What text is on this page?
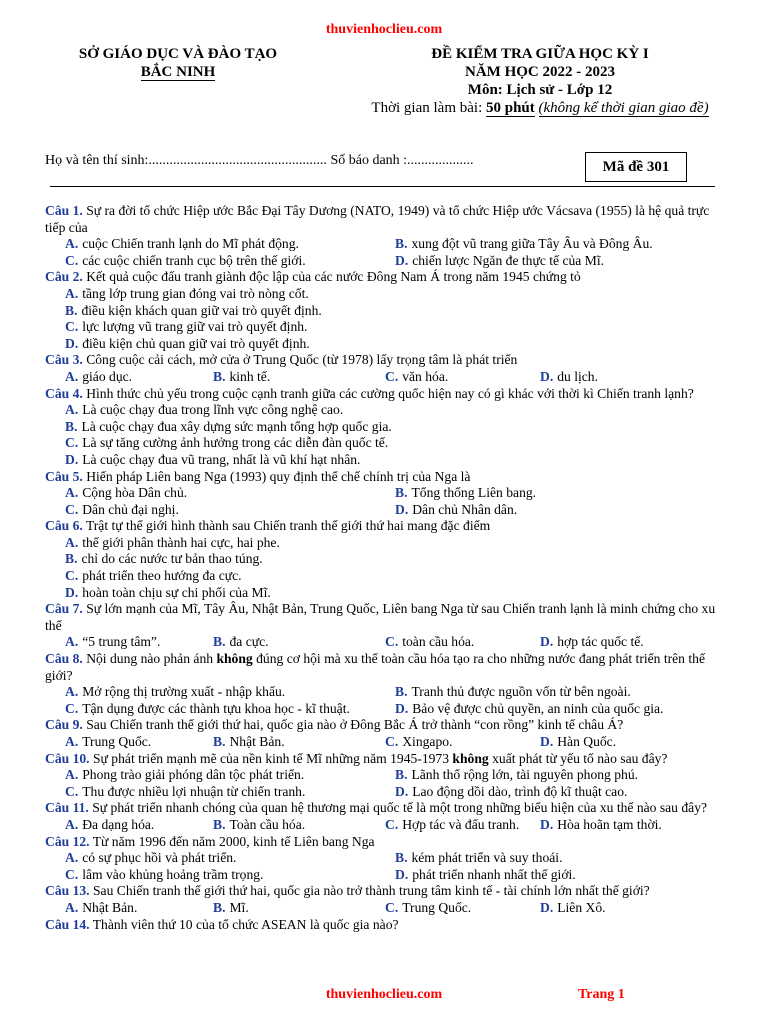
thuvienhoclieu.com
SỞ GIÁO DỤC VÀ ĐÀO TẠO
BẮC NINH
ĐỀ KIỂM TRA GIỮA HỌC KỲ I
NĂM HỌC 2022 - 2023
Môn: Lịch sử - Lớp 12
Thời gian làm bài: 50 phút (không kể thời gian giao đề)
Họ và tên thí sinh:................................................... Số báo danh :...................	Mã đề 301
Câu 1. Sự ra đời tổ chức Hiệp ước Bắc Đại Tây Dương (NATO, 1949) và tổ chức Hiệp ước Vácsava (1955) là hệ quả trực tiếp của
A. cuộc Chiến tranh lạnh do Mĩ phát động.	B. xung đột vũ trang giữa Tây Âu và Đông Âu.
C. các cuộc chiến tranh cục bộ trên thế giới.	D. chiến lược Ngăn đe thực tế của Mĩ.
Câu 2. Kết quả cuộc đấu tranh giành độc lập của các nước Đông Nam Á trong năm 1945 chứng tỏ
A. tầng lớp trung gian đóng vai trò nòng cốt.
B. điều kiện khách quan giữ vai trò quyết định.
C. lực lượng vũ trang giữ vai trò quyết định.
D. điều kiện chủ quan giữ vai trò quyết định.
Câu 3. Công cuộc cải cách, mở cửa ở Trung Quốc (từ 1978) lấy trọng tâm là phát triển
A. giáo dục.	B. kinh tế.	C. văn hóa.	D. du lịch.
Câu 4. Hình thức chủ yếu trong cuộc cạnh tranh giữa các cường quốc hiện nay có gì khác với thời kì Chiến tranh lạnh?
A. Là cuộc chạy đua trong lĩnh vực công nghệ cao.
B. Là cuộc chạy đua xây dựng sức mạnh tổng hợp quốc gia.
C. Là sự tăng cường ảnh hưởng trong các diễn đàn quốc tế.
D. Là cuộc chạy đua vũ trang, nhất là vũ khí hạt nhân.
Câu 5. Hiến pháp Liên bang Nga (1993) quy định thể chế chính trị của Nga là
A. Cộng hòa Dân chủ.	B. Tổng thống Liên bang.
C. Dân chủ đại nghị.	D. Dân chủ Nhân dân.
Câu 6. Trật tự thế giới hình thành sau Chiến tranh thế giới thứ hai mang đặc điểm
A. thế giới phân thành hai cực, hai phe.
B. chỉ do các nước tư bản thao túng.
C. phát triển theo hướng đa cực.
D. hoàn toàn chịu sự chi phối của Mĩ.
Câu 7. Sự lớn mạnh của Mĩ, Tây Âu, Nhật Bản, Trung Quốc, Liên bang Nga từ sau Chiến tranh lạnh là minh chứng cho xu thế
A. “5 trung tâm”.	B. đa cực.	C. toàn cầu hóa.	D. hợp tác quốc tế.
Câu 8. Nội dung nào phản ánh không đúng cơ hội mà xu thế toàn cầu hóa tạo ra cho những nước đang phát triển trên thế giới?
A. Mở rộng thị trường xuất - nhập khẩu.	B. Tranh thủ được nguồn vốn từ bên ngoài.
C. Tận dụng được các thành tựu khoa học - kĩ thuật.	D. Bảo vệ được chủ quyền, an ninh của quốc gia.
Câu 9. Sau Chiến tranh thế giới thứ hai, quốc gia nào ở Đông Bắc Á trở thành “con rồng” kinh tế châu Á?
A. Trung Quốc.	B. Nhật Bản.	C. Xingapo.	D. Hàn Quốc.
Câu 10. Sự phát triển mạnh mẽ của nền kinh tế Mĩ những năm 1945-1973 không xuất phát từ yếu tố nào sau đây?
A. Phong trào giải phóng dân tộc phát triển.	B. Lãnh thổ rộng lớn, tài nguyên phong phú.
C. Thu được nhiều lợi nhuận từ chiến tranh.	D. Lao động dồi dào, trình độ kĩ thuật cao.
Câu 11. Sự phát triển nhanh chóng của quan hệ thương mại quốc tế là một trong những biểu hiện của xu thế nào sau đây?
A. Đa dạng hóa.	B. Toàn cầu hóa.	C. Hợp tác và đấu tranh.	D. Hòa hoãn tạm thời.
Câu 12. Từ năm 1996 đến năm 2000, kinh tế Liên bang Nga
A. có sự phục hồi và phát triển.	B. kém phát triển và suy thoái.
C. lâm vào khủng hoảng trầm trọng.	D. phát triển nhanh nhất thế giới.
Câu 13. Sau Chiến tranh thế giới thứ hai, quốc gia nào trở thành trung tâm kinh tế - tài chính lớn nhất thế giới?
A. Nhật Bản.	B. Mĩ.	C. Trung Quốc.	D. Liên Xô.
Câu 14. Thành viên thứ 10 của tổ chức ASEAN là quốc gia nào?
thuvienhoclieu.com	Trang 1
